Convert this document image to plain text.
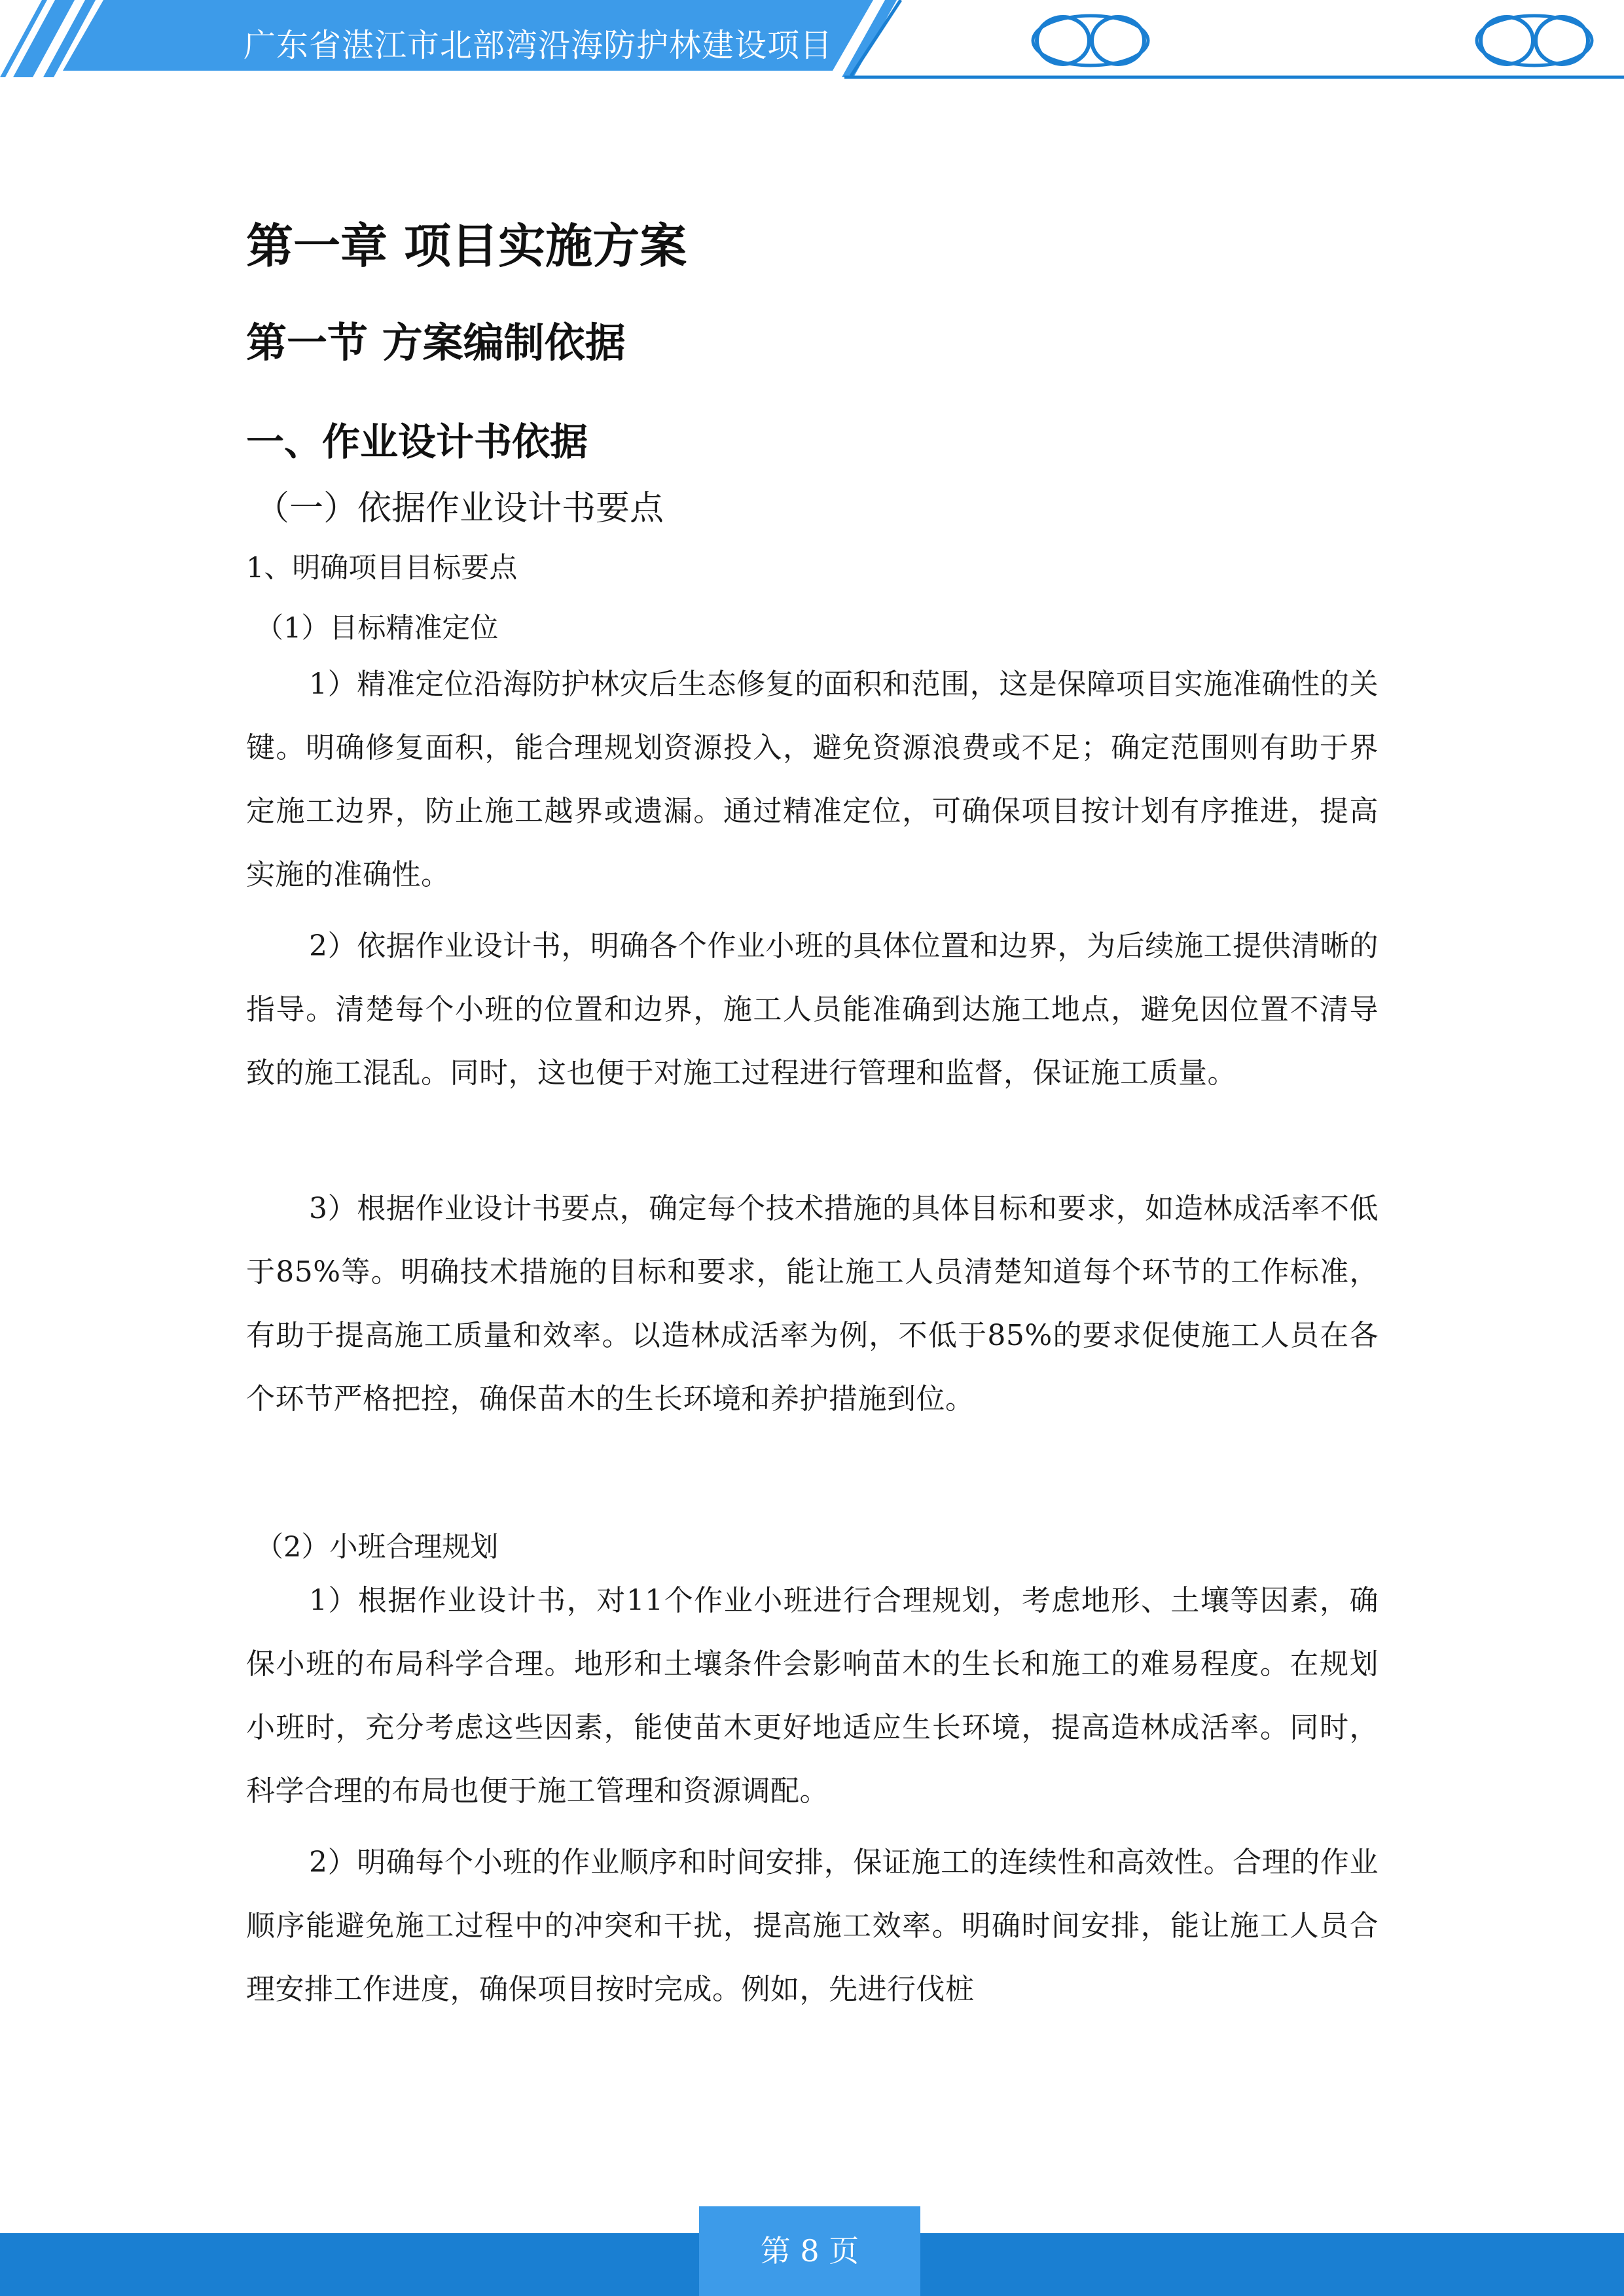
广东省湛江市北部湾沿海防护林建设项目
第一章 项目实施方案
第一节 方案编制依据
一、作业设计书依据
（一）依据作业设计书要点
1、明确项目目标要点
（1）目标精准定位

1）精准定位沿海防护林灾后生态修复的面积和范围，这是保障项目实施准确性的关键。明确修复面积，能合理规划资源投入，避免资源浪费或不足；确定范围则有助于界定施工边界，防止施工越界或遗漏。通过精准定位，可确保项目按计划有序推进，提高实施的准确性。

2）依据作业设计书，明确各个作业小班的具体位置和边界，为后续施工提供清晰的指导。清楚每个小班的位置和边界，施工人员能准确到达施工地点，避免因位置不清导致的施工混乱。同时，这也便于对施工过程进行管理和监督，保证施工质量。

3）根据作业设计书要点，确定每个技术措施的具体目标和要求，如造林成活率不低于85%等。明确技术措施的目标和要求，能让施工人员清楚知道每个环节的工作标准，有助于提高施工质量和效率。以造林成活率为例，不低于85%的要求促使施工人员在各个环节严格把控，确保苗木的生长环境和养护措施到位。

（2）小班合理规划

1）根据作业设计书，对11个作业小班进行合理规划，考虑地形、土壤等因素，确保小班的布局科学合理。地形和土壤条件会影响苗木的生长和施工的难易程度。在规划小班时，充分考虑这些因素，能使苗木更好地适应生长环境，提高造林成活率。同时，科学合理的布局也便于施工管理和资源调配。

2）明确每个小班的作业顺序和时间安排，保证施工的连续性和高效性。合理的作业顺序能避免施工过程中的冲突和干扰，提高施工效率。明确时间安排，能让施工人员合理安排工作进度，确保项目按时完成。例如，先进行伐桩

第 8 页
